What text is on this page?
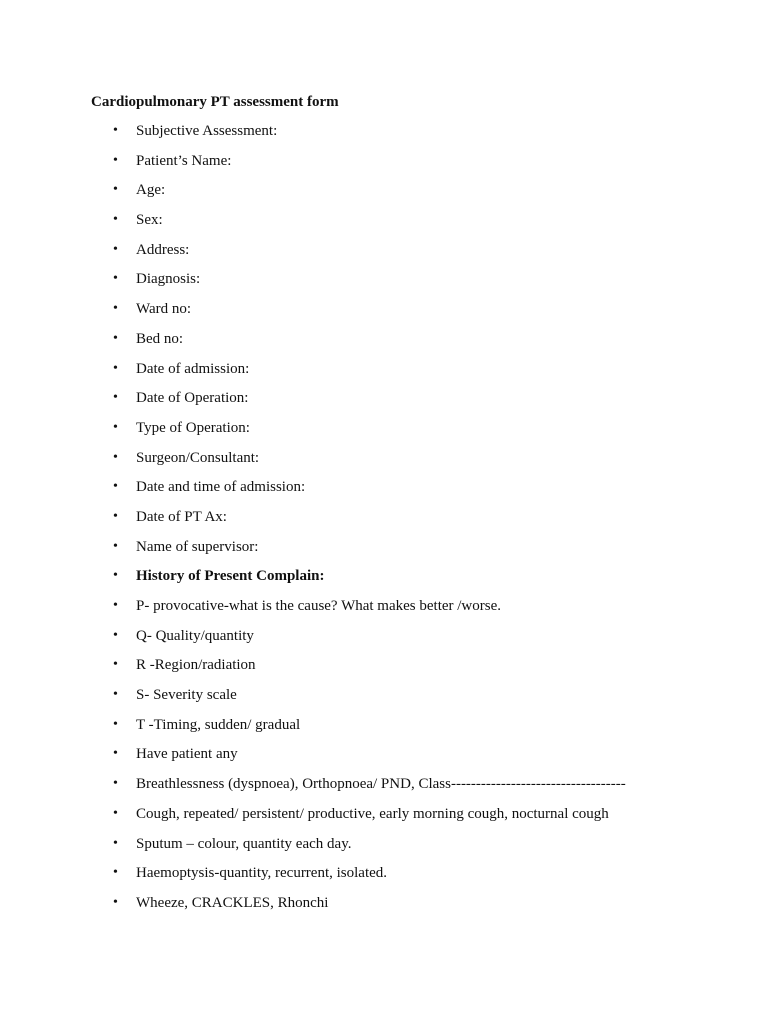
Cardiopulmonary PT assessment form
• Subjective Assessment:
• Patient’s Name:
• Age:
• Sex:
• Address:
• Diagnosis:
• Ward no:
• Bed no:
• Date of admission:
• Date of Operation:
• Type of Operation:
• Surgeon/Consultant:
• Date and time of admission:
• Date of PT Ax:
• Name of supervisor:
• History of Present Complain:
• P- provocative-what is the cause? What makes better /worse.
• Q- Quality/quantity
• R -Region/radiation
• S- Severity scale
• T -Timing, sudden/ gradual
• Have patient any
• Breathlessness (dyspnoea), Orthopnoea/ PND, Class-----------------------------------
• Cough, repeated/ persistent/ productive, early morning cough, nocturnal cough
• Sputum – colour, quantity each day.
• Haemoptysis-quantity, recurrent, isolated.
• Wheeze, CRACKLES, Rhonchi
